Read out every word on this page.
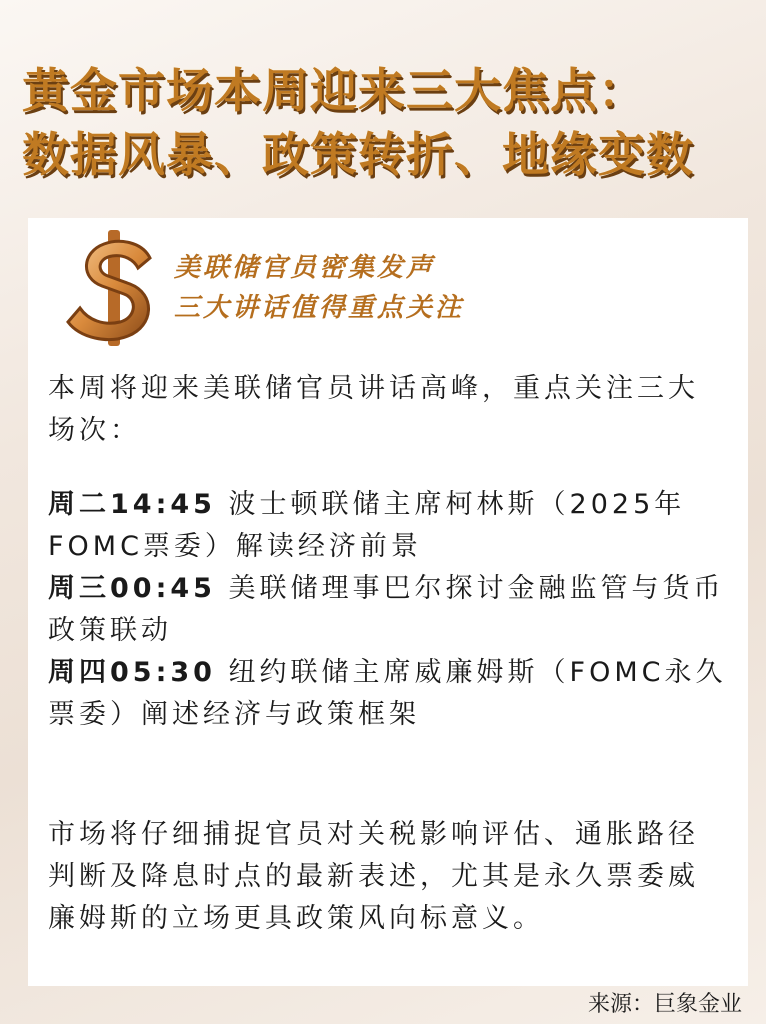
黄金市场本周迎来三大焦点：
数据风暴、政策转折、地缘变数
美联储官员密集发声
三大讲话值得重点关注
本周将迎来美联储官员讲话高峰，重点关注三大场次：
周二14:45 波士顿联储主席柯林斯（2025年FOMC票委）解读经济前景
周三00:45 美联储理事巴尔探讨金融监管与货币政策联动
周四05:30 纽约联储主席威廉姆斯（FOMC永久票委）阐述经济与政策框架
市场将仔细捕捉官员对关税影响评估、通胀路径判断及降息时点的最新表述，尤其是永久票委威廉姆斯的立场更具政策风向标意义。
来源：巨象金业
